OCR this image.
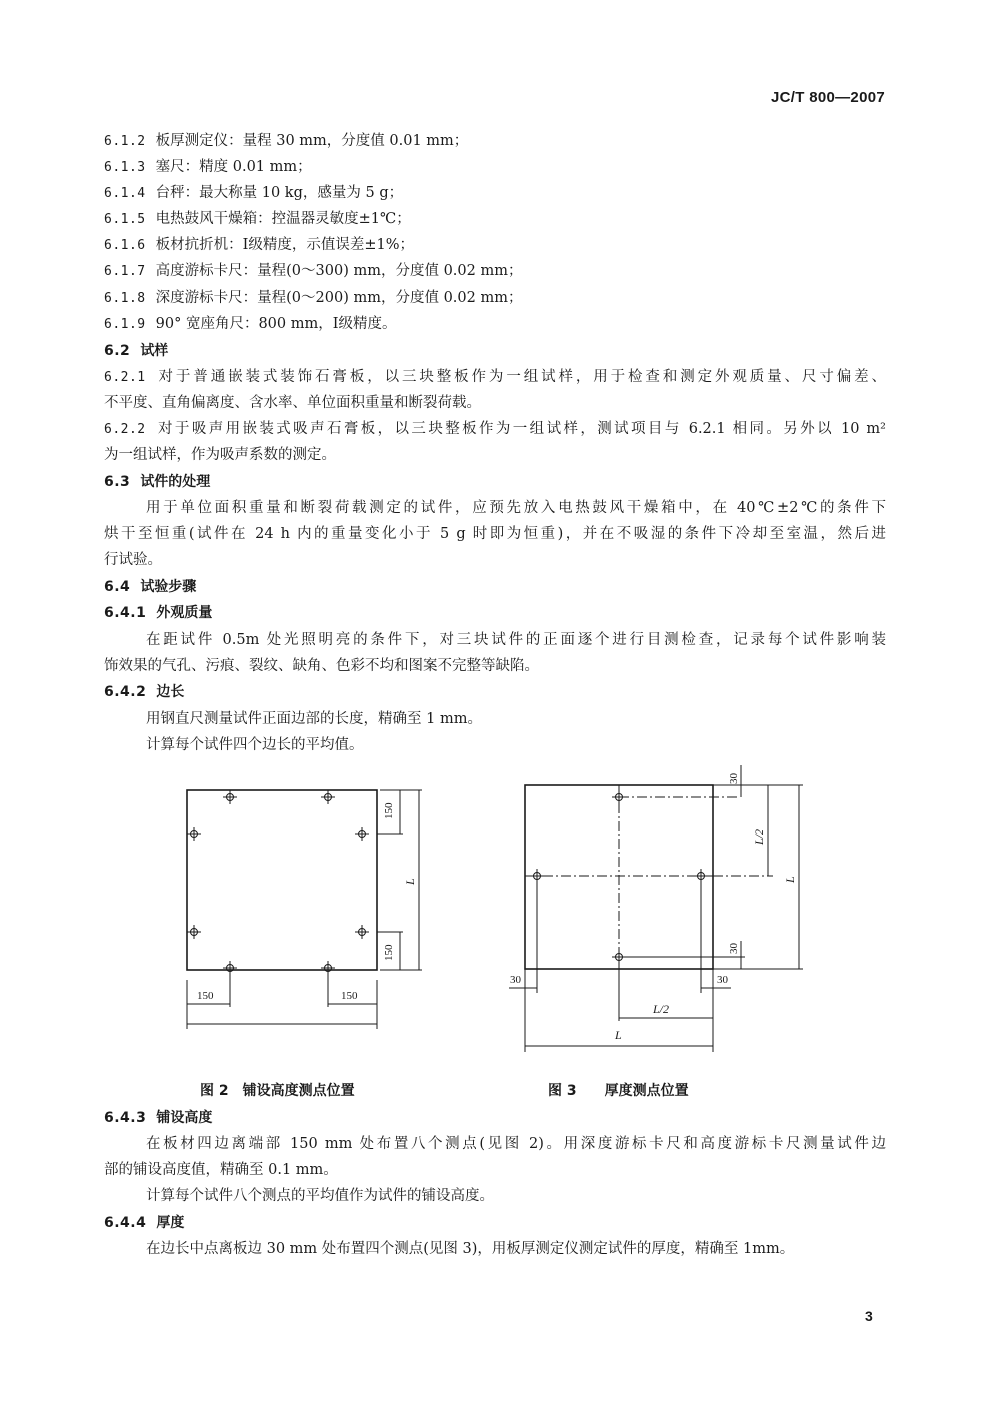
JC/T 800—2007
6.1.2 板厚测定仪：量程 30 mm，分度值 0.01 mm；
6.1.3 塞尺：精度 0.01 mm；
6.1.4 台秤：最大称量 10 kg，感量为 5 g；
6.1.5 电热鼓风干燥箱：控温器灵敏度±1℃；
6.1.6 板材抗折机：Ⅰ级精度，示值误差±1%；
6.1.7 高度游标卡尺：量程(0～300) mm，分度值 0.02 mm；
6.1.8 深度游标卡尺：量程(0～200) mm，分度值 0.02 mm；
6.1.9 90° 宽座角尺：800 mm，Ⅰ级精度。
6.2 试样
6.2.1 对于普通嵌装式装饰石膏板，以三块整板作为一组试样，用于检查和测定外观质量、尺寸偏差、
不平度、直角偏离度、含水率、单位面积重量和断裂荷载。
6.2.2 对于吸声用嵌装式吸声石膏板，以三块整板作为一组试样，测试项目与 6.2.1 相同。另外以 10 m²
为一组试样，作为吸声系数的测定。
6.3 试件的处理
用于单位面积重量和断裂荷载测定的试件，应预先放入电热鼓风干燥箱中，在 40℃±2℃的条件下
烘干至恒重(试件在 24 h 内的重量变化小于 5 g 时即为恒重)，并在不吸湿的条件下冷却至室温，然后进
行试验。
6.4 试验步骤
6.4.1 外观质量
在距试件 0.5m 处光照明亮的条件下，对三块试件的正面逐个进行目测检查，记录每个试件影响装
饰效果的气孔、污痕、裂纹、缺角、色彩不均和图案不完整等缺陷。
6.4.2 边长
用钢直尺测量试件正面边部的长度，精确至 1 mm。
计算每个试件四个边长的平均值。
150
150
L
150	150
30
L/2
L
30
30	30
L/2
L
图 2　铺设高度测点位置	图 3　　厚度测点位置
6.4.3 铺设高度
在板材四边离端部 150 mm 处布置八个测点(见图 2)。用深度游标卡尺和高度游标卡尺测量试件边
部的铺设高度值，精确至 0.1 mm。
计算每个试件八个测点的平均值作为试件的铺设高度。
6.4.4 厚度
在边长中点离板边 30 mm 处布置四个测点(见图 3)，用板厚测定仪测定试件的厚度，精确至 1mm。
3
